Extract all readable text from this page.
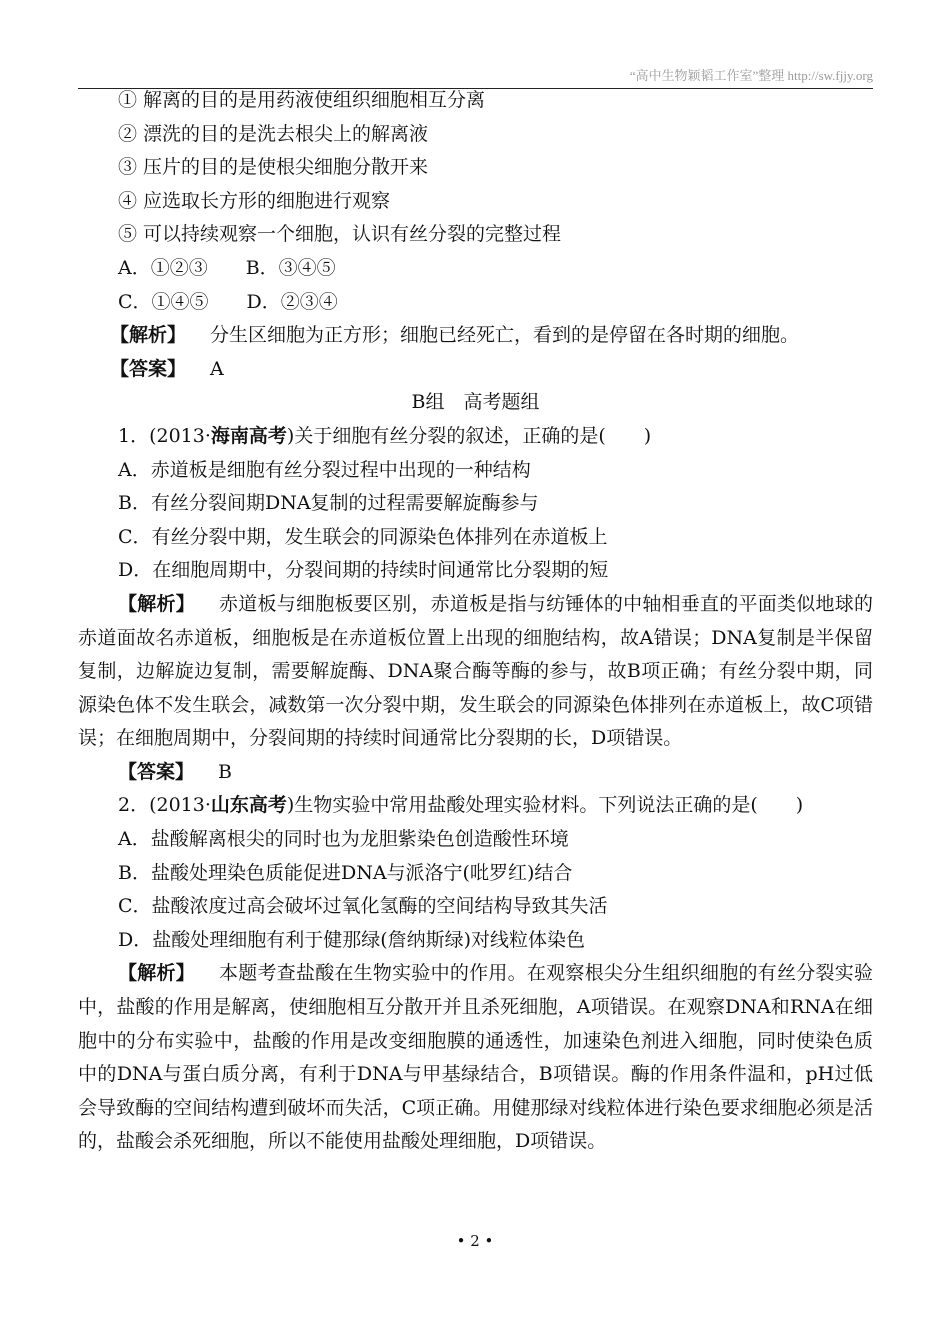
“高中生物颖韬工作室”整理 http://sw.fjjy.org
① 解离的目的是用药液使组织细胞相互分离
② 漂洗的目的是洗去根尖上的解离液
③ 压片的目的是使根尖细胞分散开来
④ 应选取长方形的细胞进行观察
⑤ 可以持续观察一个细胞，认识有丝分裂的完整过程
A．①②③　　B．③④⑤
C．①④⑤　　D．②③④
【解析】 分生区细胞为正方形；细胞已经死亡，看到的是停留在各时期的细胞。
【答案】 A
B组　高考题组
1．(2013·海南高考)关于细胞有丝分裂的叙述，正确的是(　　)
A．赤道板是细胞有丝分裂过程中出现的一种结构
B．有丝分裂间期DNA复制的过程需要解旋酶参与
C．有丝分裂中期，发生联会的同源染色体排列在赤道板上
D．在细胞周期中，分裂间期的持续时间通常比分裂期的短
【解析】 赤道板与细胞板要区别，赤道板是指与纺锤体的中轴相垂直的平面类似地球的赤道面故名赤道板，细胞板是在赤道板位置上出现的细胞结构，故A错误；DNA复制是半保留复制，边解旋边复制，需要解旋酶、DNA聚合酶等酶的参与，故B项正确；有丝分裂中期，同源染色体不发生联会，减数第一次分裂中期，发生联会的同源染色体排列在赤道板上，故C项错误；在细胞周期中，分裂间期的持续时间通常比分裂期的长，D项错误。
【答案】 B
2．(2013·山东高考)生物实验中常用盐酸处理实验材料。下列说法正确的是(　　)
A．盐酸解离根尖的同时也为龙胆紫染色创造酸性环境
B．盐酸处理染色质能促进DNA与派洛宁(吡罗红)结合
C．盐酸浓度过高会破坏过氧化氢酶的空间结构导致其失活
D．盐酸处理细胞有利于健那绿(詹纳斯绿)对线粒体染色
【解析】 本题考查盐酸在生物实验中的作用。在观察根尖分生组织细胞的有丝分裂实验中，盐酸的作用是解离，使细胞相互分散开并且杀死细胞，A项错误。在观察DNA和RNA在细胞中的分布实验中，盐酸的作用是改变细胞膜的通透性，加速染色剂进入细胞，同时使染色质中的DNA与蛋白质分离，有利于DNA与甲基绿结合，B项错误。酶的作用条件温和，pH过低会导致酶的空间结构遭到破坏而失活，C项正确。用健那绿对线粒体进行染色要求细胞必须是活的，盐酸会杀死细胞，所以不能使用盐酸处理细胞，D项错误。
• 2 •
